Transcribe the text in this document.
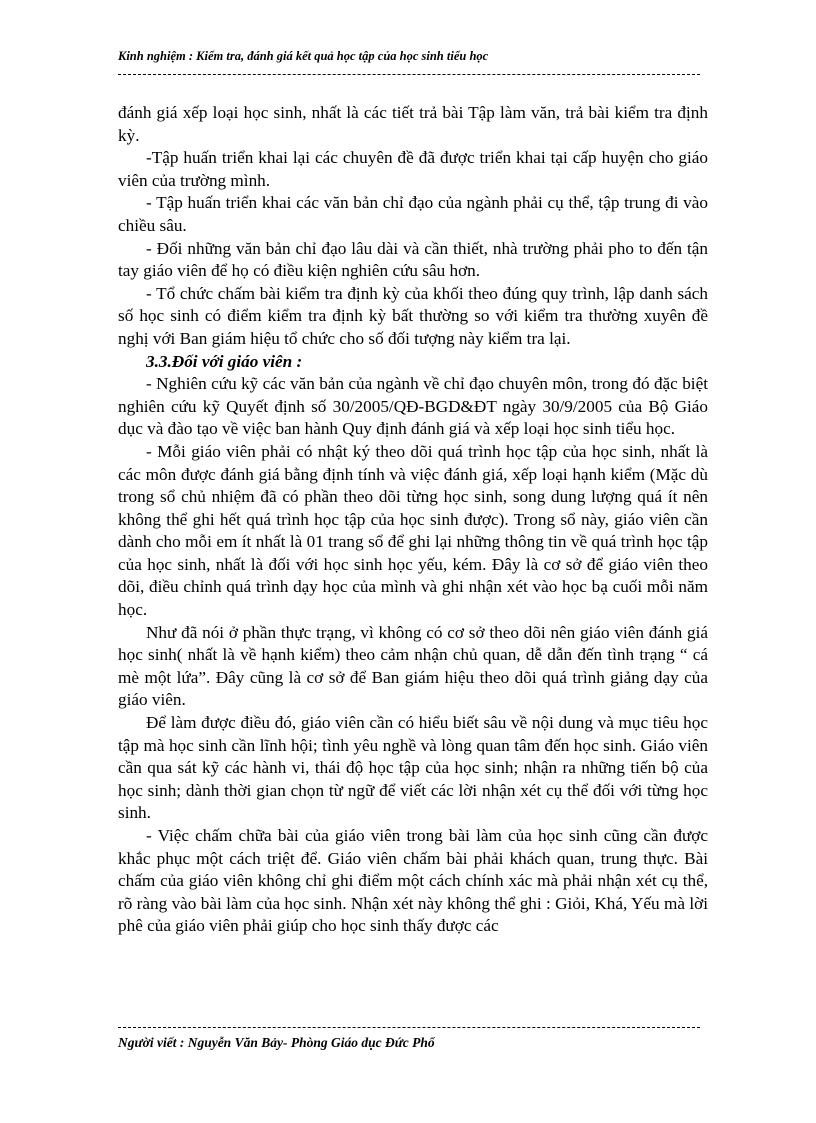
Kinh nghiệm : Kiểm tra, đánh giá kết quả học tập của học sinh tiểu học

đánh giá xếp loại học sinh, nhất là các tiết trả bài Tập làm văn, trả bài kiểm tra định kỳ.

-Tập huấn triển khai lại các chuyên đề đã được triển khai tại cấp huyện cho giáo viên của trường mình.

- Tập huấn triển khai các văn bản chỉ đạo của ngành phải cụ thể, tập trung đi vào chiều sâu.

- Đối những văn bản chỉ đạo lâu dài và cần thiết, nhà trường phải pho to đến tận tay giáo viên để họ có điều kiện nghiên cứu sâu hơn.

- Tổ chức chấm bài kiểm tra định kỳ của khối theo đúng quy trình, lập danh sách số học sinh có điểm kiểm tra định kỳ bất thường so với kiểm tra thường xuyên đề nghị với Ban giám hiệu tổ chức cho số đối tượng này kiểm tra lại.

3.3.Đối với giáo viên :

- Nghiên cứu kỹ các văn bản của ngành về chỉ đạo chuyên môn, trong đó đặc biệt nghiên cứu kỹ Quyết định số 30/2005/QĐ-BGD&ĐT ngày 30/9/2005 của Bộ Giáo dục và đào tạo về việc ban hành Quy định đánh giá và xếp loại học sinh tiểu học.

- Mỗi giáo viên phải có nhật ký theo dõi quá trình học tập của học sinh, nhất là các môn được đánh giá bằng định tính và việc đánh giá, xếp loại hạnh kiểm (Mặc dù trong sổ chủ nhiệm đã có phần theo dõi từng học sinh, song dung lượng quá ít nên không thể ghi hết quá trình học tập của học sinh được). Trong sổ này, giáo viên cần dành cho mỗi em ít nhất là 01 trang sổ để ghi lại những thông tin về quá trình học tập của học sinh, nhất là đối với học sinh học yếu, kém. Đây là cơ sở để giáo viên theo dõi, điều chỉnh quá trình dạy học của mình và ghi nhận xét vào học bạ cuối mỗi năm học.

Như đã nói ở phần thực trạng, vì không có cơ sở theo dõi nên giáo viên đánh giá học sinh( nhất là về hạnh kiểm) theo cảm nhận chủ quan, dễ dẫn đến tình trạng “ cá mè một lứa”. Đây cũng là cơ sở để Ban giám hiệu theo dõi quá trình giảng dạy của giáo viên.

Để làm được điều đó, giáo viên cần có hiểu biết sâu về nội dung và mục tiêu học tập mà học sinh cần lĩnh hội; tình yêu nghề và lòng quan tâm đến học sinh. Giáo viên cần qua sát kỹ các hành vi, thái độ học tập của học sinh; nhận ra những tiến bộ của học sinh; dành thời gian chọn từ ngữ để viết các lời nhận xét cụ thể đối với từng học sinh.

- Việc chấm chữa bài của giáo viên trong bài làm của học sinh cũng cần được khắc phục một cách triệt để. Giáo viên chấm bài phải khách quan, trung thực. Bài chấm của giáo viên không chỉ ghi điểm một cách chính xác mà phải nhận xét cụ thể, rõ ràng vào bài làm của học sinh. Nhận xét này không thể ghi : Giỏi, Khá, Yếu mà lời phê của giáo viên phải giúp cho học sinh thấy được các

Người viết : Nguyễn Văn Bảy- Phòng Giáo dục Đức Phổ
